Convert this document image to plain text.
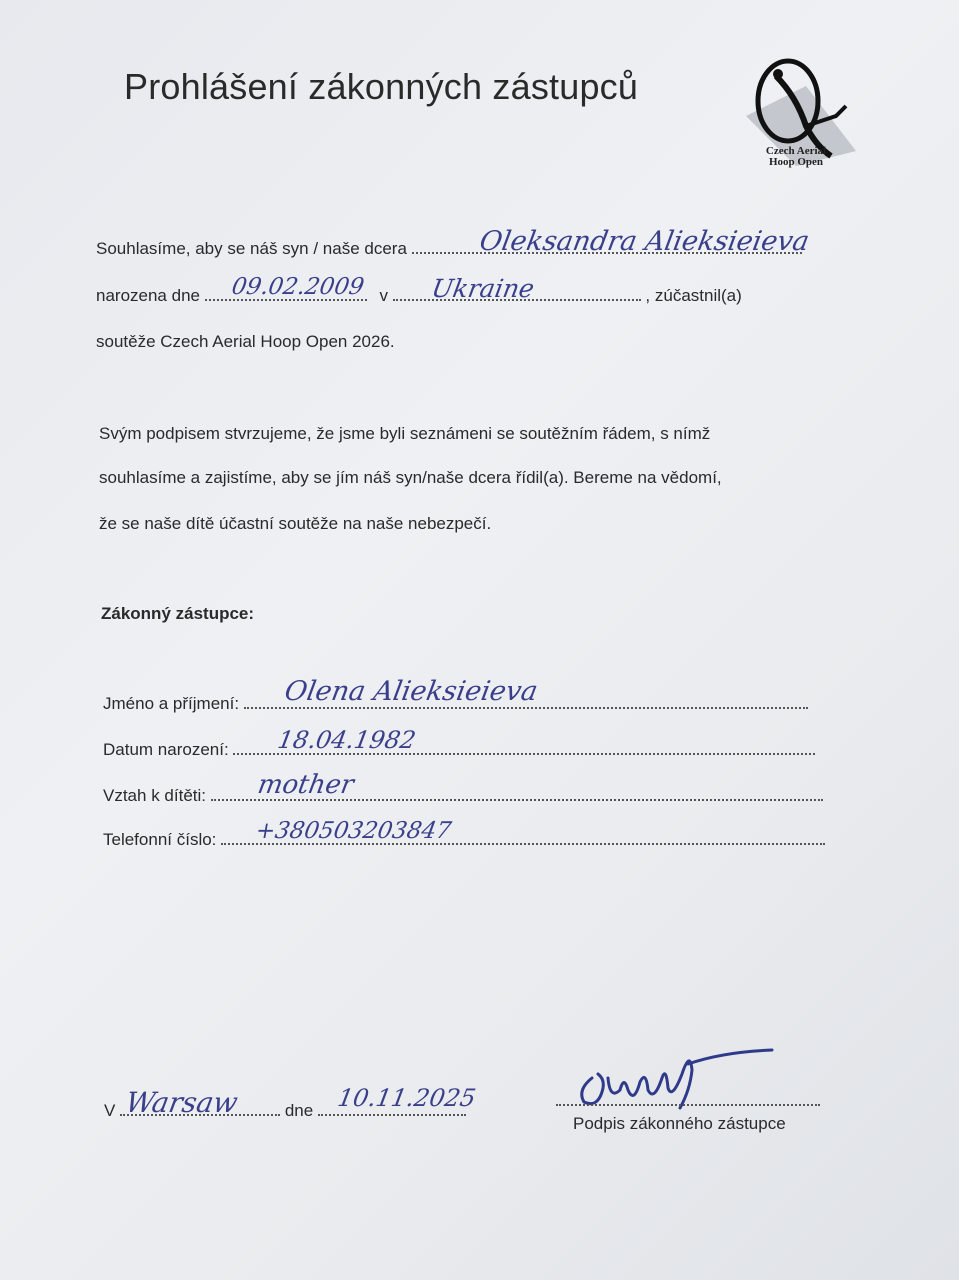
Prohlášení zákonných zástupců
Czech Aerial
Hoop Open
Souhlasíme, aby se náš syn / naše dcera	Oleksandra Alieksieieva
narozena dne	v	, zúčastnil(a)
09.02.2009	Ukraine
soutěže Czech Aerial Hoop Open 2026.
Svým podpisem stvrzujeme, že jsme byli seznámeni se soutěžním řádem, s nímž
souhlasíme a zajistíme, aby se jím náš syn/naše dcera řídil(a). Bereme na vědomí,
že se naše dítě účastní soutěže na naše nebezpečí.
Zákonný zástupce:
Jméno a příjmení:	Olena Alieksieieva
Datum narození:	18.04.1982
Vztah k dítěti:	mother
Telefonní číslo:	+380503203847
V	dne
Warsaw	10.11.2025
Podpis zákonného zástupce
